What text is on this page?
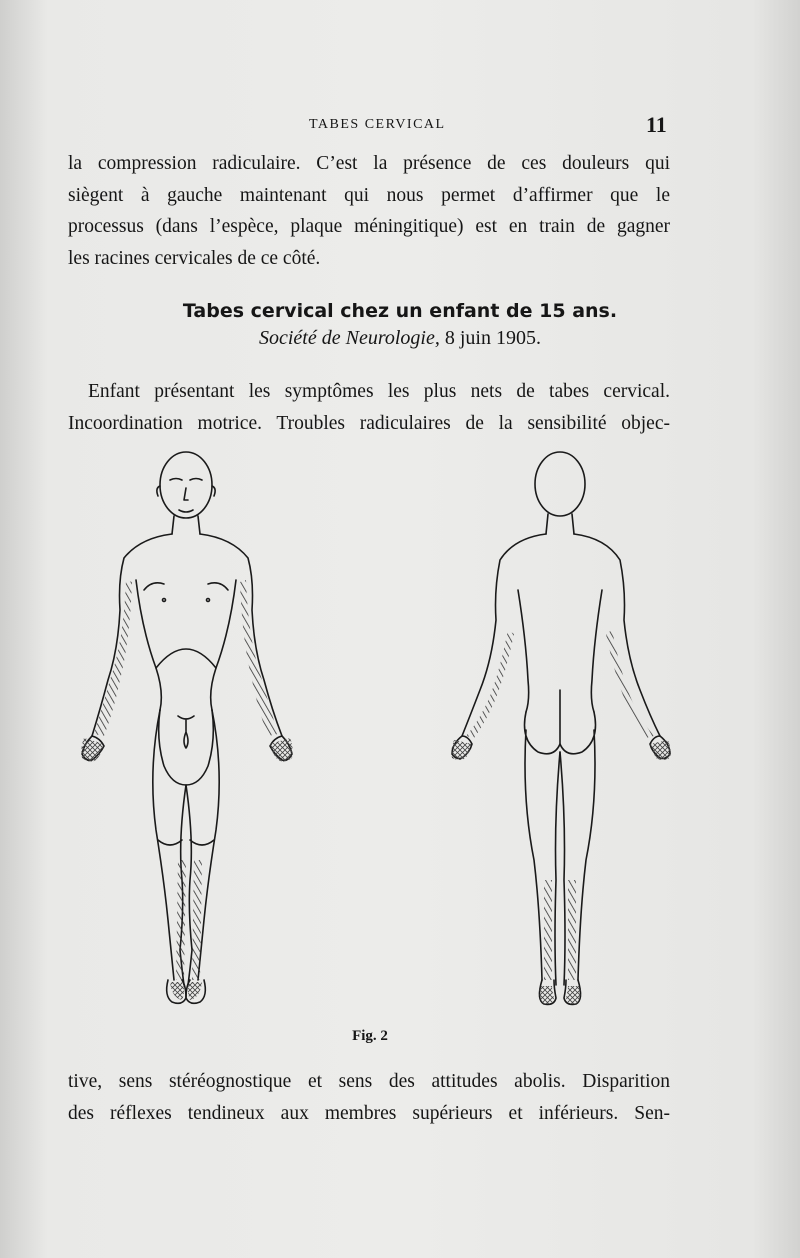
TABES CERVICAL	11
la compression radiculaire. C’est la présence de ces douleurs qui
siègent à gauche maintenant qui nous permet d’affirmer que le
processus (dans l’espèce, plaque méningitique) est en train de gagner
les racines cervicales de ce côté.
Tabes cervical chez un enfant de 15 ans.
Société de Neurologie, 8 juin 1905.
Enfant présentant les symptômes les plus nets de tabes cervical.
Incoordination motrice. Troubles radiculaires de la sensibilité objec-
Fig. 2
tive, sens stéréognostique et sens des attitudes abolis. Disparition
des réflexes tendineux aux membres supérieurs et inférieurs. Sen-
